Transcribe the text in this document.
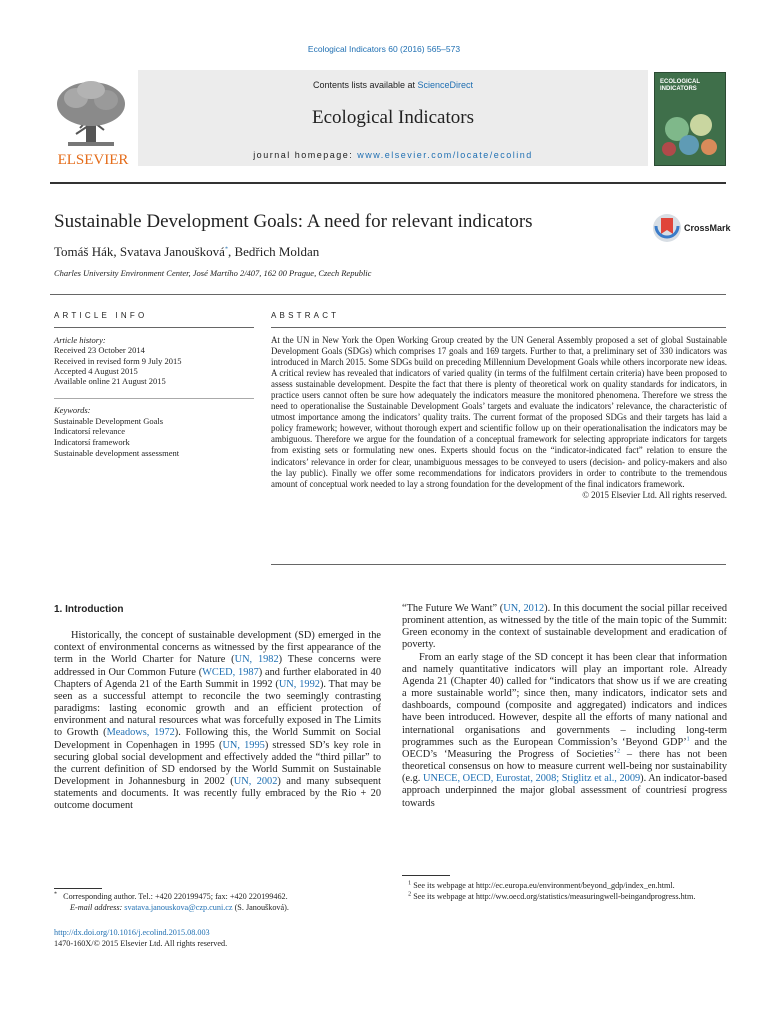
Ecological Indicators 60 (2016) 565–573
ELSEVIER
Contents lists available at ScienceDirect
Ecological Indicators
journal homepage: www.elsevier.com/locate/ecolind
ECOLOGICAL INDICATORS
Sustainable Development Goals: A need for relevant indicators	CrossMark
Tomáš Hák, Svatava Janoušková*, Bedřich Moldan
Charles University Environment Center, José Martího 2/407, 162 00 Prague, Czech Republic
ARTICLE INFO	ABSTRACT
Article history:
Received 23 October 2014
Received in revised form 9 July 2015
Accepted 4 August 2015
Available online 21 August 2015
Keywords:
Sustainable Development Goals
Indicatorsí relevance
Indicatorsí framework
Sustainable development assessment
At the UN in New York the Open Working Group created by the UN General Assembly proposed a set of global Sustainable Development Goals (SDGs) which comprises 17 goals and 169 targets. Further to that, a preliminary set of 330 indicators was introduced in March 2015. Some SDGs build on preceding Millennium Development Goals while others incorporate new ideas. A critical review has revealed that indicators of varied quality (in terms of the fulfilment certain criteria) have been proposed to assess sustainable development. Despite the fact that there is plenty of theoretical work on quality standards for indicators, in practice users cannot often be sure how adequately the indicators measure the monitored phenomena. Therefore we stress the need to operationalise the Sustainable Development Goals’ targets and evaluate the indicators’ relevance, the characteristic of utmost importance among the indicators’ quality traits. The current format of the proposed SDGs and their targets has laid a policy framework; however, without thorough expert and scientific follow up on their operationalisation the indicators may be ambiguous. Therefore we argue for the foundation of a conceptual framework for selecting appropriate indicators for targets from existing sets or formulating new ones. Experts should focus on the “indicator-indicated fact” relation to ensure the indicators’ relevance in order for clear, unambiguous messages to be conveyed to users (decision- and policy-makers and also the lay public). Finally we offer some recommendations for indicators providers in order to contribute to the tremendous amount of conceptual work needed to lay a strong foundation for the development of the final indicators framework.
© 2015 Elsevier Ltd. All rights reserved.

1. Introduction

Historically, the concept of sustainable development (SD) emerged in the context of environmental concerns as witnessed by the first appearance of the term in the World Charter for Nature (UN, 1982) These concerns were addressed in Our Common Future (WCED, 1987) and further elaborated in 40 Chapters of Agenda 21 of the Earth Summit in 1992 (UN, 1992). That may be seen as a successful attempt to reconcile the two seemingly contrasting paradigms: lasting economic growth and an efficient protection of environment and natural resources what was forcefully exposed in The Limits to Growth (Meadows, 1972). Following this, the World Summit on Social Development in Copenhagen in 1995 (UN, 1995) stressed SD’s key role in securing global social development and effectively added the “third pillar” to the current definition of SD endorsed by the World Summit on Sustainable Development in Johannesburg in 2002 (UN, 2002) and many subsequent statements and documents. It was recently fully embraced by the Rio + 20 outcome document

“The Future We Want” (UN, 2012). In this document the social pillar received prominent attention, as witnessed by the title of the main topic of the Summit: Green economy in the context of sustainable development and eradication of poverty.

From an early stage of the SD concept it has been clear that information and namely quantitative indicators will play an important role. Already Agenda 21 (Chapter 40) called for “indicators that show us if we are creating a more sustainable world”; since then, many indicators, indicator sets and dashboards, compound (composite and aggregated) indicators and indices have been introduced. However, despite all the efforts of many national and international organisations and governments – including long-term programmes such as the European Commission’s ‘Beyond GDP’$^1$ and the OECD’s ‘Measuring the Progress of Societies’$^2$ – there has not been theoretical consensus on how to measure current well-being nor sustainability (e.g. UNECE, OECD, Eurostat, 2008; Stiglitz et al., 2009). An indicator-based approach underpinned the major global assessment of countriesí progress towards

* Corresponding author. Tel.: +420 220199475; fax: +420 220199462.
E-mail address: svatava.janouskova@czp.cuni.cz (S. Janoušková).
http://dx.doi.org/10.1016/j.ecolind.2015.08.003
1470-160X/© 2015 Elsevier Ltd. All rights reserved.
$^1$ See its webpage at http://ec.europa.eu/environment/beyond_gdp/index_en.html.
$^2$ See its webpage at http://ww.oecd.org/statistics/measuringwell-beingandprogress.htm.
